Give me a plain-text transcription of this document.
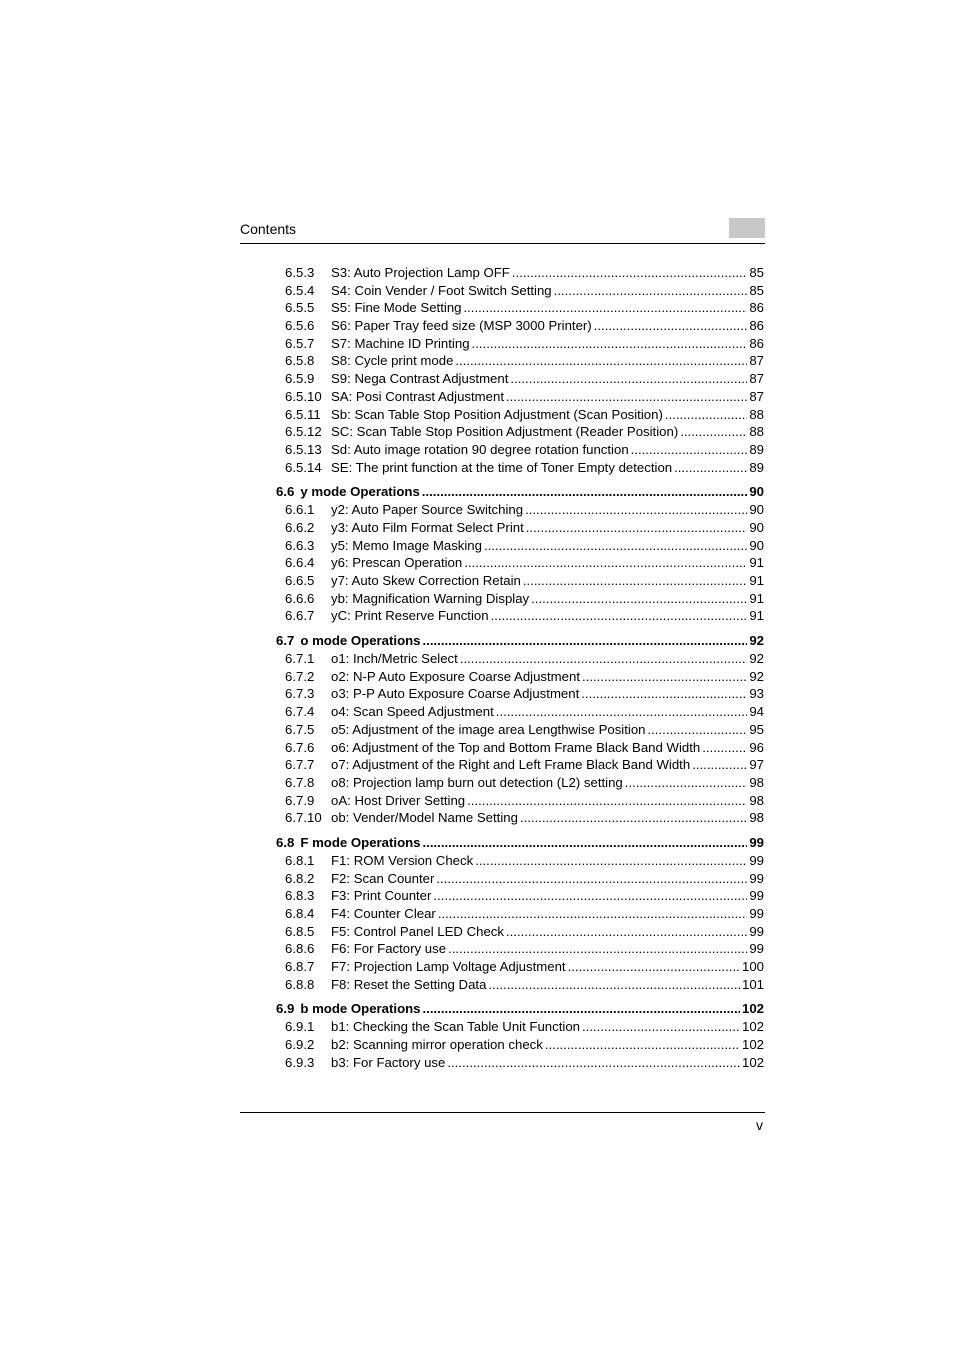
Contents
6.5.3	S3: Auto Projection Lamp OFF .....	85
6.5.4	S4: Coin Vender / Foot Switch Setting .....	85
6.5.5	S5: Fine Mode Setting .....	86
6.5.6	S6: Paper Tray feed size (MSP 3000 Printer) .....	86
6.5.7	S7: Machine ID Printing .....	86
6.5.8	S8: Cycle print mode .....	87
6.5.9	S9: Nega Contrast Adjustment .....	87
6.5.10 SA: Posi Contrast Adjustment .....	87
6.5.11 Sb: Scan Table Stop Position Adjustment (Scan Position) .....	88
6.5.12 SC: Scan Table Stop Position Adjustment (Reader Position) .....	88
6.5.13 Sd: Auto image rotation 90 degree rotation function .....	89
6.5.14 SE: The print function at the time of Toner Empty detection .....	89
6.6 y mode Operations .....	90
6.6.1	y2: Auto Paper Source Switching .....	90
6.6.2	y3: Auto Film Format Select Print .....	90
6.6.3	y5: Memo Image Masking .....	90
6.6.4	y6: Prescan Operation .....	91
6.6.5	y7: Auto Skew Correction Retain .....	91
6.6.6	yb: Magnification Warning Display .....	91
6.6.7	yC: Print Reserve Function .....	91
6.7 o mode Operations .....	92
6.7.1	o1: Inch/Metric Select .....	92
6.7.2	o2: N-P Auto Exposure Coarse Adjustment .....	92
6.7.3	o3: P-P Auto Exposure Coarse Adjustment .....	93
6.7.4	o4: Scan Speed Adjustment .....	94
6.7.5	o5: Adjustment of the image area Lengthwise Position .....	95
6.7.6	o6: Adjustment of the Top and Bottom Frame Black Band Width .....	96
6.7.7	o7: Adjustment of the Right and Left Frame Black Band Width .....	97
6.7.8	o8: Projection lamp burn out detection (L2) setting .....	98
6.7.9	oA: Host Driver Setting .....	98
6.7.10 ob: Vender/Model Name Setting .....	98
6.8 F mode Operations .....	99
6.8.1	F1: ROM Version Check .....	99
6.8.2	F2: Scan Counter .....	99
6.8.3	F3: Print Counter .....	99
6.8.4	F4: Counter Clear .....	99
6.8.5	F5: Control Panel LED Check .....	99
6.8.6	F6: For Factory use .....	99
6.8.7	F7: Projection Lamp Voltage Adjustment .....	100
6.8.8	F8: Reset the Setting Data .....	101
6.9 b mode Operations .....	102
6.9.1	b1: Checking the Scan Table Unit Function .....	102
6.9.2	b2: Scanning mirror operation check .....	102
6.9.3	b3: For Factory use .....	102
v
